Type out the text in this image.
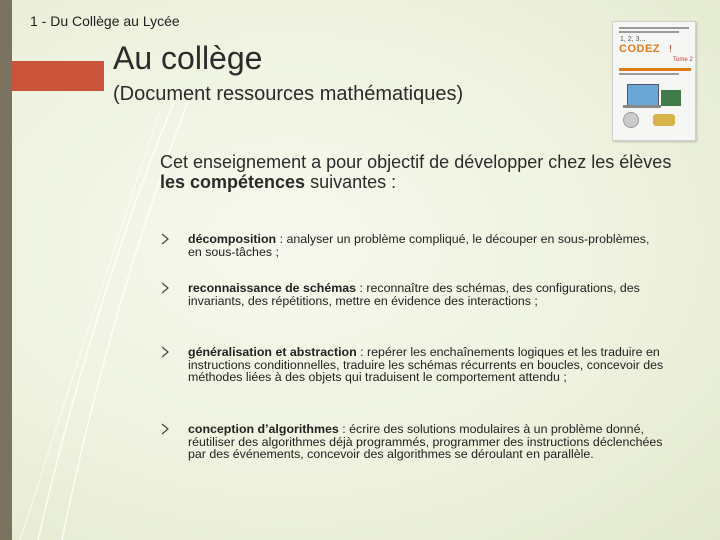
1 - Du Collège au Lycée
Au collège
(Document ressources mathématiques)
1, 2, 3...
CODEZ !
Tome 2
Cet enseignement a pour objectif de développer chez les élèves les compétences suivantes :
décomposition : analyser un problème compliqué, le découper en sous-problèmes, en sous-tâches ;
reconnaissance de schémas : reconnaître des schémas, des configurations, des invariants, des répétitions, mettre en évidence des interactions ;
généralisation et abstraction : repérer les enchaînements logiques et les traduire en instructions conditionnelles, traduire les schémas récurrents en boucles, concevoir des méthodes liées à des objets qui traduisent le comportement attendu ;
conception d’algorithmes : écrire des solutions modulaires à un problème donné, réutiliser des algorithmes déjà programmés, programmer des instructions déclenchées par des événements, concevoir des algorithmes se déroulant en parallèle.
